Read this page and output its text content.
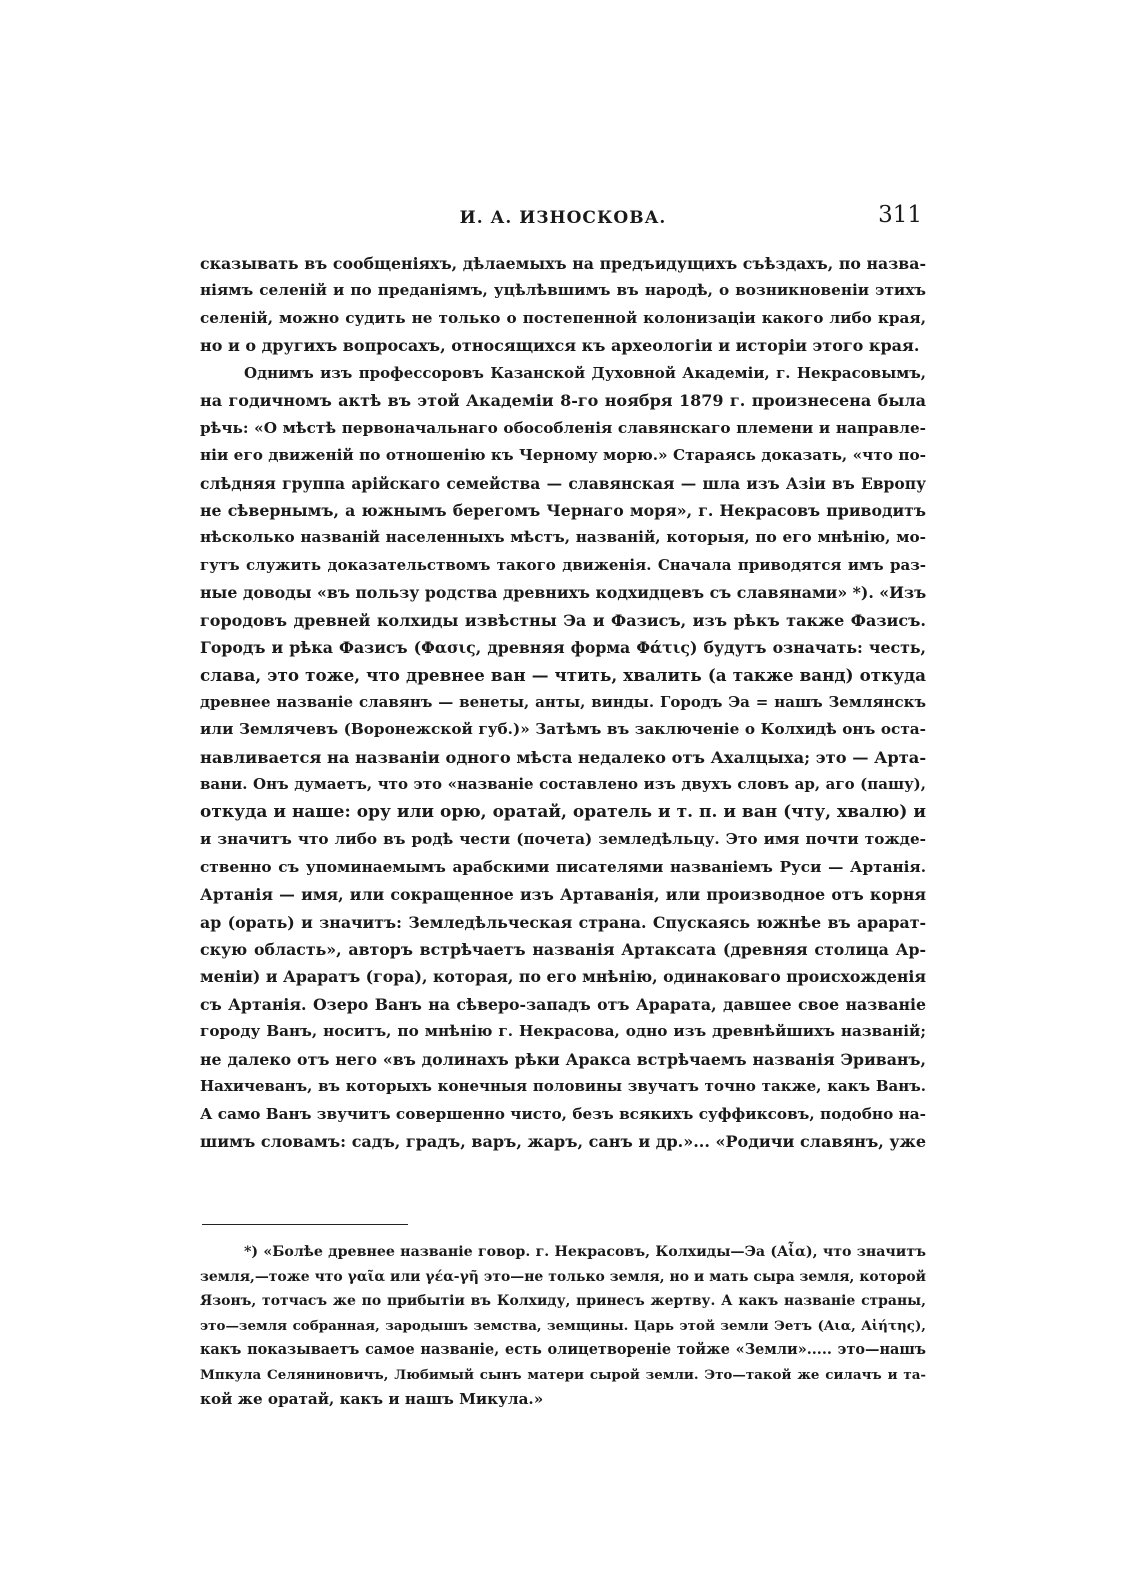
И. А. ИЗНОСКОВА.	311
сказывать въ сообщеніяхъ, дѣлаемыхъ на предъидущихъ съѣздахъ, по назва-
ніямъ селеній и по преданіямъ, уцѣлѣвшимъ въ народѣ, о возникновеніи этихъ
селеній, можно судить не только о постепенной колонизаціи какого либо края,
но и о другихъ вопросахъ, относящихся къ археологіи и исторіи этого края.
Однимъ изъ профессоровъ Казанской Духовной Академіи, г. Некрасовымъ,
на годичномъ актѣ въ этой Академіи 8-го ноября 1879 г. произнесена была
рѣчь: «О мѣстѣ первоначальнаго обособленія славянскаго племени и направле-
ніи его движеній по отношенію къ Черному морю.» Стараясь доказать, «что по-
слѣдняя группа арійскаго семейства — славянская — шла изъ Азіи въ Европу
не сѣвернымъ, а южнымъ берегомъ Чернаго моря», г. Некрасовъ приводитъ
нѣсколько названій населенныхъ мѣстъ, названій, которыя, по его мнѣнію, мо-
гутъ служить доказательствомъ такого движенія. Сначала приводятся имъ раз-
ные доводы «въ пользу родства древнихъ кодхидцевъ съ славянами» *). «Изъ
городовъ древней колхиды извѣстны Эа и Фазисъ, изъ рѣкъ также Фазисъ.
Городъ и рѣка Фазисъ (Φασις, древняя форма Φάτις) будутъ означать: честь,
слава, это тоже, что древнее ван — чтить, хвалить (а также ванд) откуда
древнее названіе славянъ — венеты, анты, винды. Городъ Эа = нашъ Землянскъ
или Землячевъ (Воронежской губ.)» Затѣмъ въ заключеніе о Колхидѣ онъ оста-
навливается на названіи одного мѣста недалеко отъ Ахалцыха; это — Арта-
вани. Онъ думаетъ, что это «названіе составлено изъ двухъ словъ ар, аго (пашу),
откуда и наше: ору или орю, оратай, оратель и т. п. и ван (чту, хвалю) и
и значитъ что либо въ родѣ чести (почета) земледѣльцу. Это имя почти тожде-
ственно съ упоминаемымъ арабскими писателями названіемъ Руси — Артанія.
Артанія — имя, или сокращенное изъ Артаванія, или производное отъ корня
ар (орать) и значитъ: Земледѣльческая страна. Спускаясь южнѣе въ арарат-
скую область», авторъ встрѣчаетъ названія Артаксата (древняя столица Ар-
меніи) и Араратъ (гора), которая, по его мнѣнію, одинаковаго происхожденія
съ Артанія. Озеро Ванъ на сѣверо-западъ отъ Арарата, давшее свое названіе
городу Ванъ, носитъ, по мнѣнію г. Некрасова, одно изъ древнѣйшихъ названій;
не далеко отъ него «въ долинахъ рѣки Аракса встрѣчаемъ названія Эриванъ,
Нахичеванъ, въ которыхъ конечныя половины звучатъ точно также, какъ Ванъ.
А само Ванъ звучитъ совершенно чисто, безъ всякихъ суффиксовъ, подобно на-
шимъ словамъ: садъ, градъ, варъ, жаръ, санъ и др.»... «Родичи славянъ, уже
*) «Болѣе древнее названіе говор. г. Некрасовъ, Колхиды—Эа (Αἶα), что значитъ
земля,—тоже что γαῖα или γέα-γῆ это—не только земля, но и мать сыра земля, которой
Язонъ, тотчасъ же по прибытіи въ Колхиду, принесъ жертву. А какъ названіе страны,
это—земля собранная, зародышъ земства, земщины. Царь этой земли Эетъ (Αια, Αἰήτης),
какъ показываетъ самое названіе, есть олицетвореніе тойже «Земли»..... это—нашъ
Мпкула Селяниновичъ, Любимый сынъ матери сырой земли. Это—такой же силачъ и та-
кой же оратай, какъ и нашъ Микула.»
